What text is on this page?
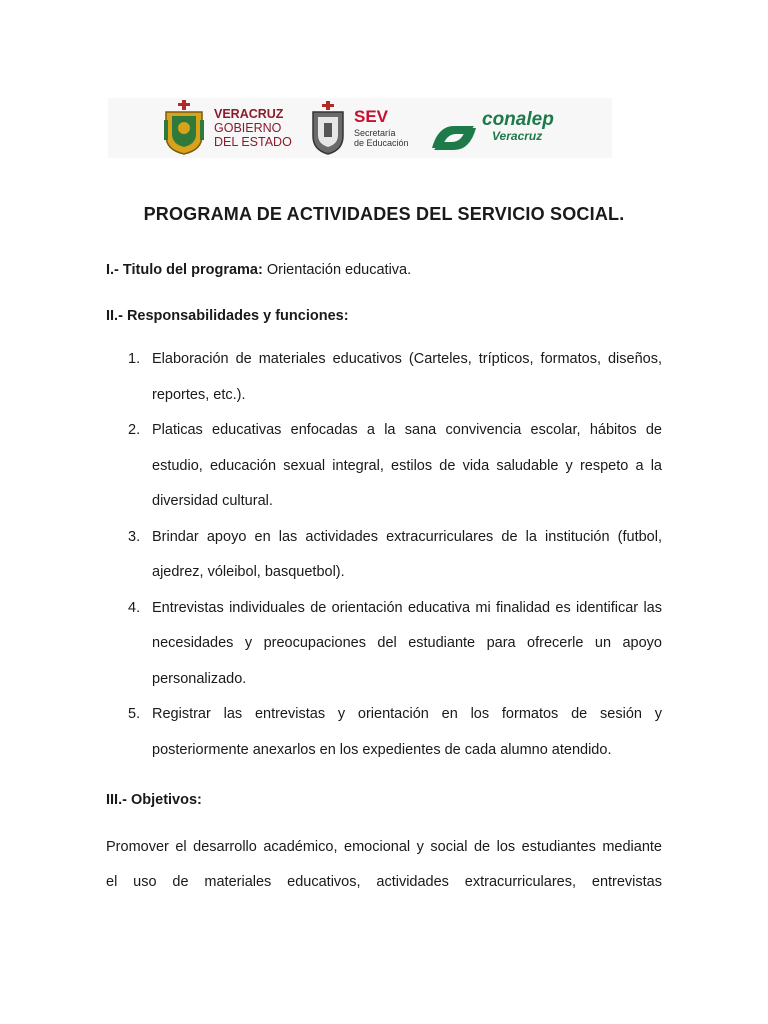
VERACRUZ
GOBIERNO
DEL ESTADO
SEV
Secretaría
de Educación
conalep
Veracruz
PROGRAMA DE ACTIVIDADES DEL SERVICIO SOCIAL.

I.- Titulo del programa: Orientación educativa.

II.- Responsabilidades y funciones:

1. Elaboración de materiales educativos (Carteles, trípticos, formatos, diseños, reportes, etc.).
2. Platicas educativas enfocadas a la sana convivencia escolar, hábitos de estudio, educación sexual integral, estilos de vida saludable y respeto a la diversidad cultural.
3. Brindar apoyo en las actividades extracurriculares de la institución (futbol, ajedrez, vóleibol, basquetbol).
4. Entrevistas individuales de orientación educativa mi finalidad es identificar las necesidades y preocupaciones del estudiante para ofrecerle un apoyo personalizado.
5. Registrar las entrevistas y orientación en los formatos de sesión y posteriormente anexarlos en los expedientes de cada alumno atendido.

III.- Objetivos:

Promover el desarrollo académico, emocional y social de los estudiantes mediante

el uso de materiales educativos, actividades extracurriculares, entrevistas
